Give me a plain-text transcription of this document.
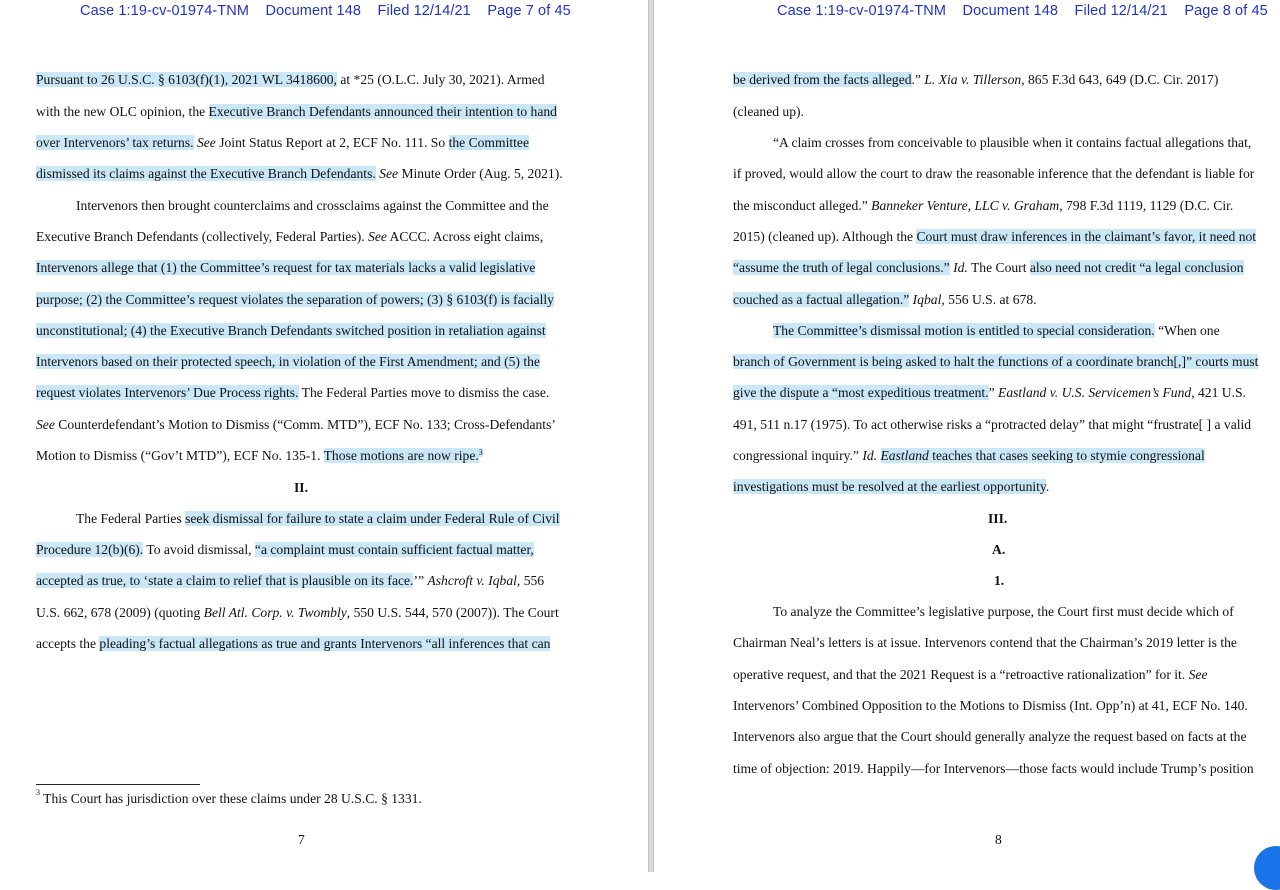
Case 1:19-cv-01974-TNM    Document 148    Filed 12/14/21    Page 7 of 45
Pursuant to 26 U.S.C. § 6103(f)(1), 2021 WL 3418600, at *25 (O.L.C. July 30, 2021). Armed
with the new OLC opinion, the Executive Branch Defendants announced their intention to hand
over Intervenors’ tax returns. See Joint Status Report at 2, ECF No. 111. So the Committee
dismissed its claims against the Executive Branch Defendants. See Minute Order (Aug. 5, 2021).
Intervenors then brought counterclaims and crossclaims against the Committee and the
Executive Branch Defendants (collectively, Federal Parties). See ACCC. Across eight claims,
Intervenors allege that (1) the Committee’s request for tax materials lacks a valid legislative
purpose; (2) the Committee’s request violates the separation of powers; (3) § 6103(f) is facially
unconstitutional; (4) the Executive Branch Defendants switched position in retaliation against
Intervenors based on their protected speech, in violation of the First Amendment; and (5) the
request violates Intervenors’ Due Process rights. The Federal Parties move to dismiss the case.
See Counterdefendant’s Motion to Dismiss (“Comm. MTD”), ECF No. 133; Cross-Defendants’
Motion to Dismiss (“Gov’t MTD”), ECF No. 135-1. Those motions are now ripe.$^3$
The Federal Parties seek dismissal for failure to state a claim under Federal Rule of Civil
Procedure 12(b)(6). To avoid dismissal, “a complaint must contain sufficient factual matter,
accepted as true, to ‘state a claim to relief that is plausible on its face.’” Ashcroft v. Iqbal, 556
U.S. 662, 678 (2009) (quoting Bell Atl. Corp. v. Twombly, 550 U.S. 544, 570 (2007)). The Court
accepts the pleading’s factual allegations as true and grants Intervenors “all inferences that can
II.
$^3$ This Court has jurisdiction over these claims under 28 U.S.C. § 1331.
7
Case 1:19-cv-01974-TNM    Document 148    Filed 12/14/21    Page 8 of 45
be derived from the facts alleged.” L. Xia v. Tillerson, 865 F.3d 643, 649 (D.C. Cir. 2017)
(cleaned up).
“A claim crosses from conceivable to plausible when it contains factual allegations that,
if proved, would allow the court to draw the reasonable inference that the defendant is liable for
the misconduct alleged.” Banneker Venture, LLC v. Graham, 798 F.3d 1119, 1129 (D.C. Cir.
2015) (cleaned up). Although the Court must draw inferences in the claimant’s favor, it need not
“assume the truth of legal conclusions.” Id. The Court also need not credit “a legal conclusion
couched as a factual allegation.” Iqbal, 556 U.S. at 678.
The Committee’s dismissal motion is entitled to special consideration. “When one
branch of Government is being asked to halt the functions of a coordinate branch[,]” courts must
give the dispute a “most expeditious treatment.” Eastland v. U.S. Servicemen’s Fund, 421 U.S.
491, 511 n.17 (1975). To act otherwise risks a “protracted delay” that might “frustrate[ ] a valid
congressional inquiry.” Id. Eastland teaches that cases seeking to stymie congressional
investigations must be resolved at the earliest opportunity.
To analyze the Committee’s legislative purpose, the Court first must decide which of
Chairman Neal’s letters is at issue. Intervenors contend that the Chairman’s 2019 letter is the
operative request, and that the 2021 Request is a “retroactive rationalization” for it. See
Intervenors’ Combined Opposition to the Motions to Dismiss (Int. Opp’n) at 41, ECF No. 140.
Intervenors also argue that the Court should generally analyze the request based on facts at the
time of objection: 2019. Happily—for Intervenors—those facts would include Trump’s position
III.
A.
1.
8
